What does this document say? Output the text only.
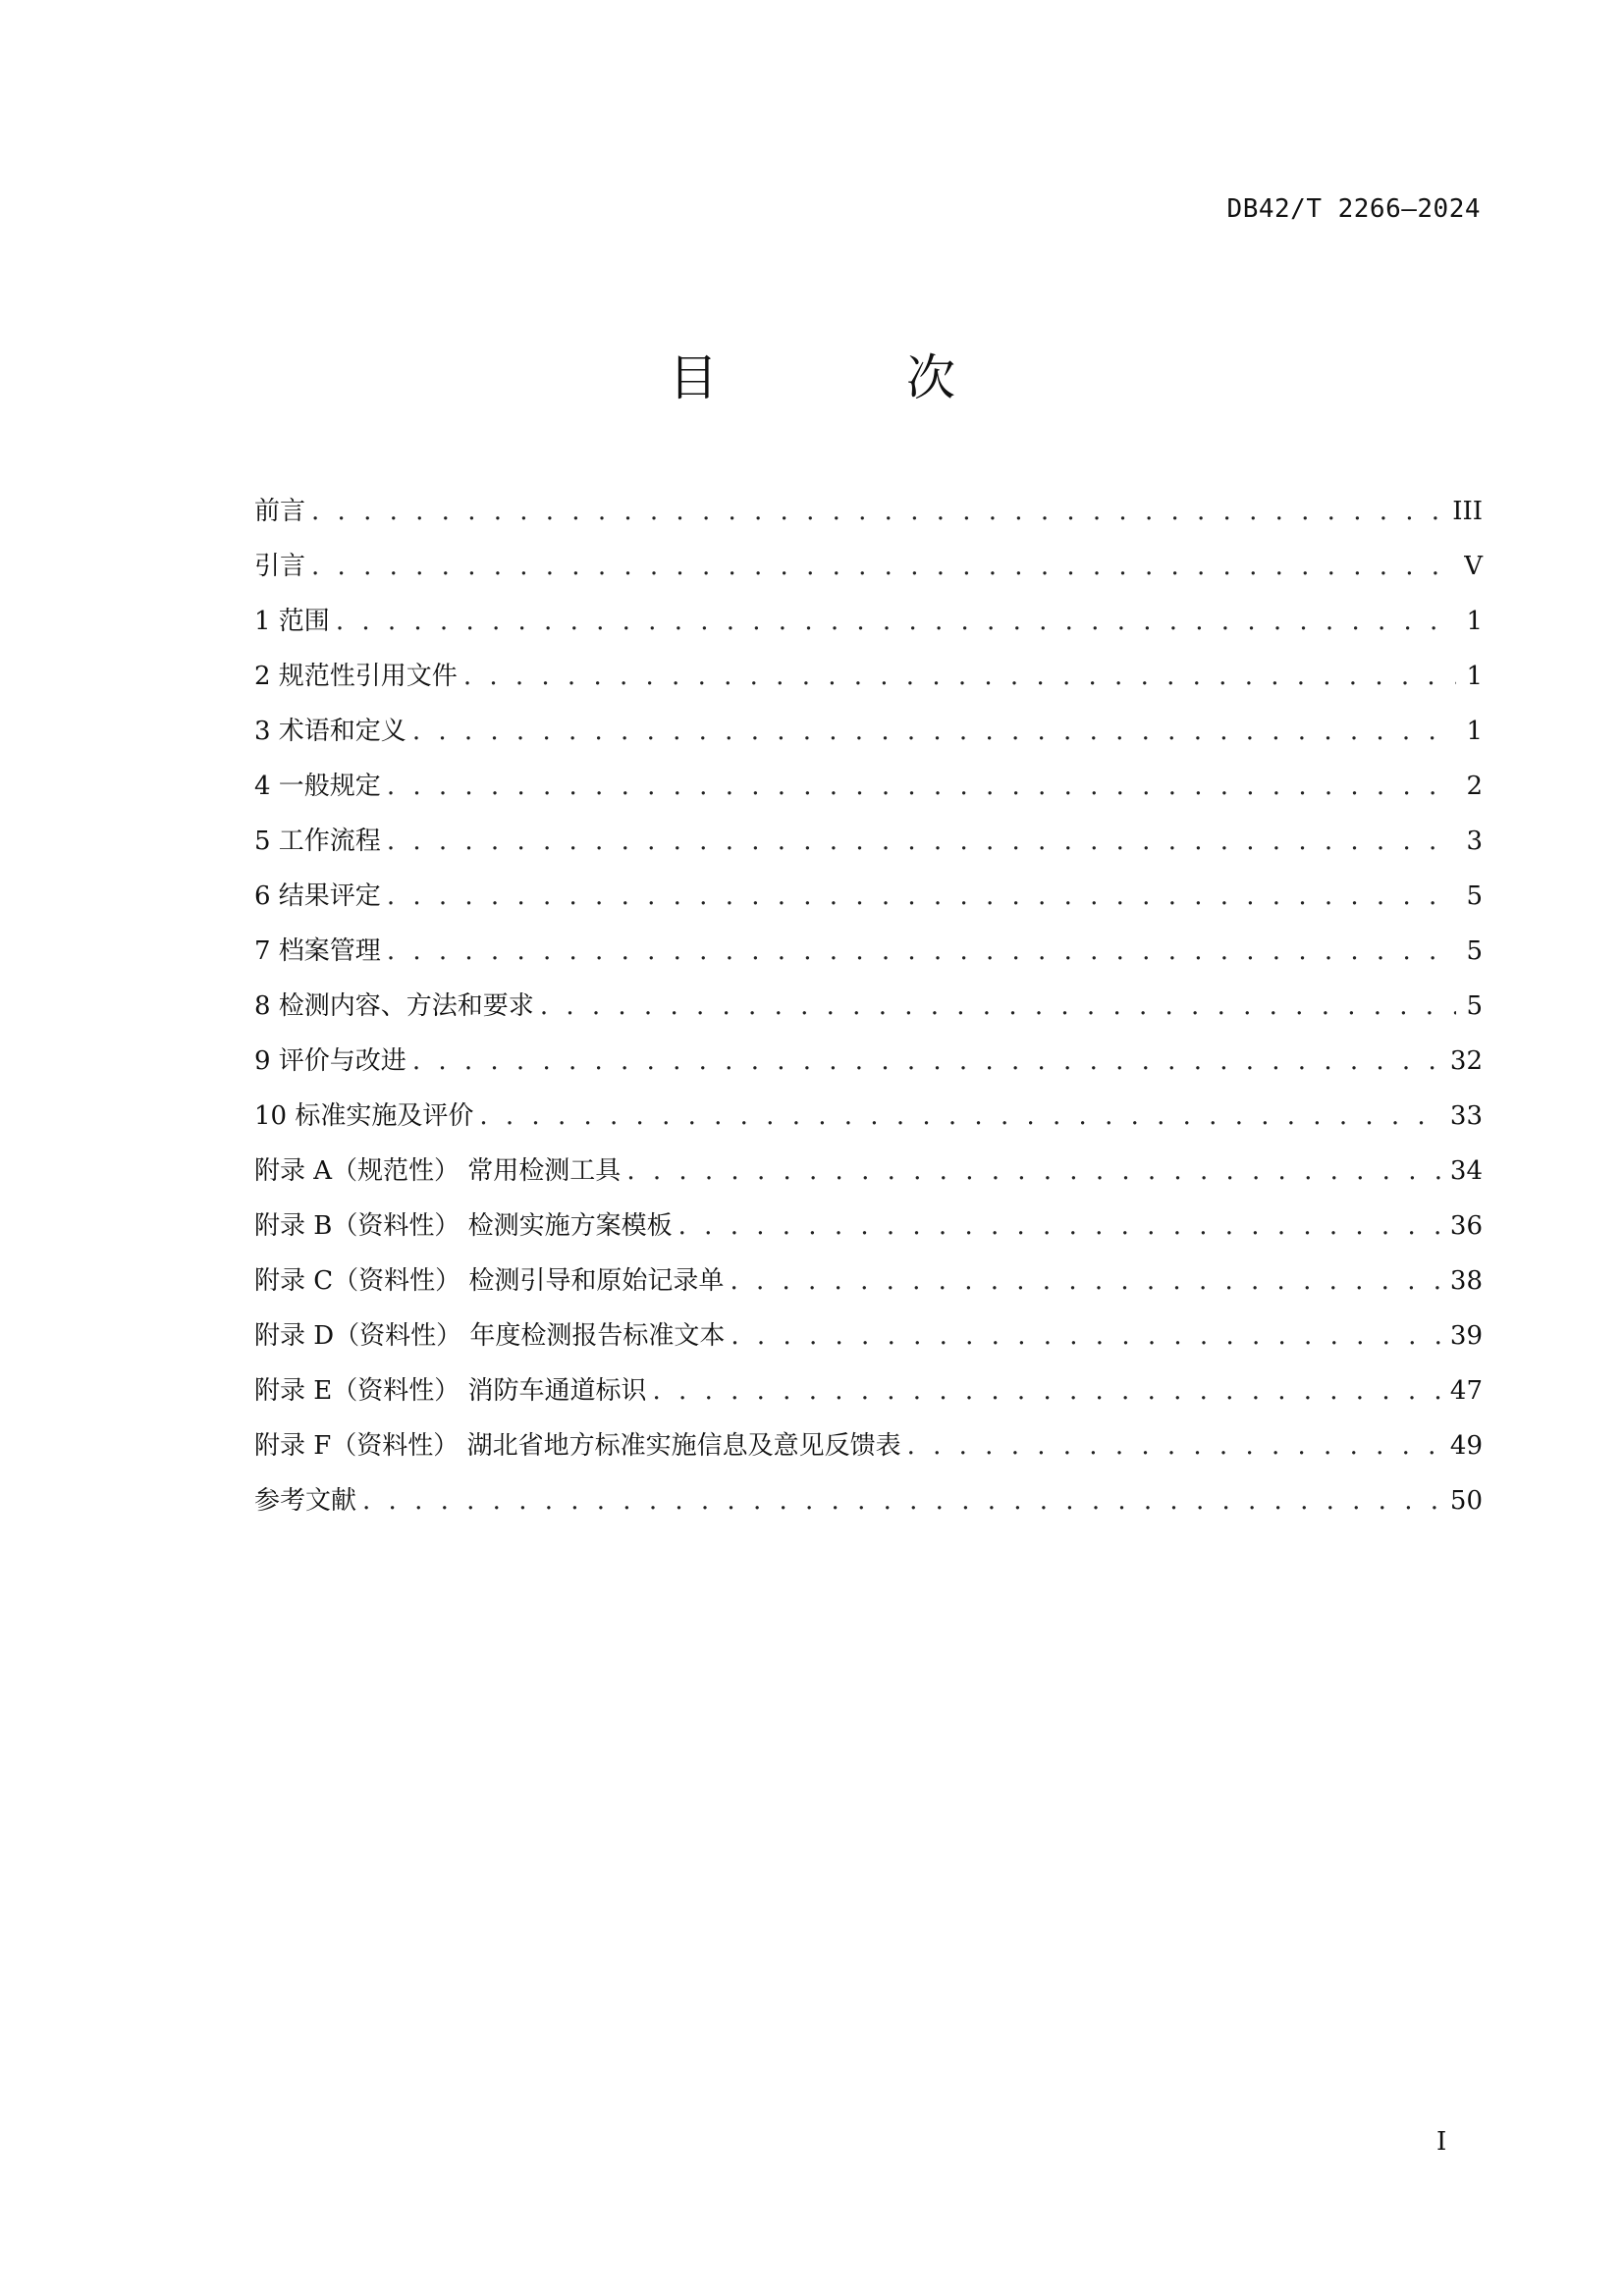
DB42/T 2266—2024
目 次
前言 . . .	III
引言 . . .	V
1 范围 . . .	1
2 规范性引用文件 . . .	1
3 术语和定义 . . .	1
4 一般规定 . . .	2
5 工作流程 . . .	3
6 结果评定 . . .	5
7 档案管理 . . .	5
8 检测内容、方法和要求 . . .	5
9 评价与改进 . . .	32
10 标准实施及评价 . . .	33
附录 A（规范性） 常用检测工具 . . .	34
附录 B（资料性） 检测实施方案模板 . . .	36
附录 C（资料性） 检测引导和原始记录单 . . .	38
附录 D（资料性） 年度检测报告标准文本 . . .	39
附录 E（资料性） 消防车通道标识 . . .	47
附录 F（资料性） 湖北省地方标准实施信息及意见反馈表 . . .	49
参考文献 . . .	50
I
